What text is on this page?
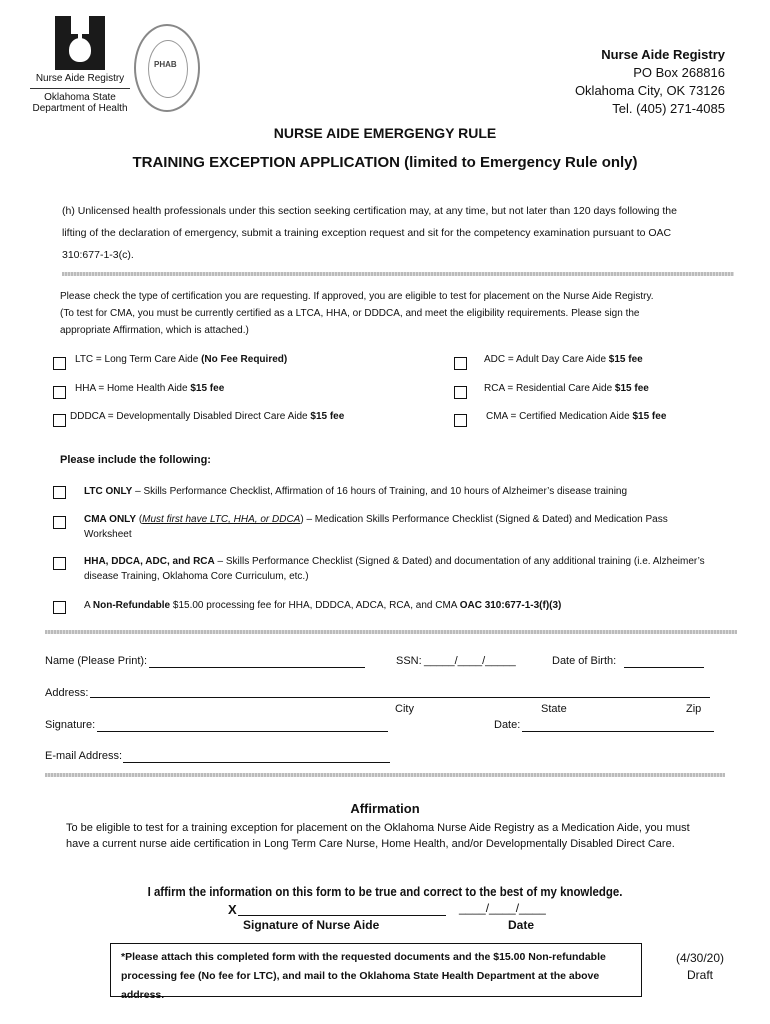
Nurse Aide Registry
Oklahoma State
Department of Health
PHAB
Nurse Aide Registry
PO Box 268816
Oklahoma City, OK 73126
Tel. (405) 271-4085
NURSE AIDE EMERGENGY RULE
TRAINING EXCEPTION APPLICATION (limited to Emergency Rule only)
(h) Unlicensed health professionals under this section seeking certification may, at any time, but not later than 120 days following the
lifting of the declaration of emergency, submit a training exception request and sit for the competency examination pursuant to OAC
310:677-1-3(c).
Please check the type of certification you are requesting. If approved, you are eligible to test for placement on the Nurse Aide Registry.
(To test for CMA, you must be currently certified as a LTCA, HHA, or DDDCA, and meet the eligibility requirements. Please sign the
appropriate Affirmation, which is attached.)
LTC = Long Term Care Aide (No Fee Required)	ADC = Adult Day Care Aide $15 fee
HHA = Home Health Aide $15 fee	RCA = Residential Care Aide $15 fee
DDDCA = Developmentally Disabled Direct Care Aide $15 fee	CMA = Certified Medication Aide $15 fee
Please include the following:
LTC ONLY – Skills Performance Checklist, Affirmation of 16 hours of Training, and 10 hours of Alzheimer’s disease training
CMA ONLY (Must first have LTC, HHA, or DDCA) – Medication Skills Performance Checklist (Signed & Dated) and Medication Pass
Worksheet
HHA, DDCA, ADC, and RCA – Skills Performance Checklist (Signed & Dated) and documentation of any additional training (i.e. Alzheimer’s
disease Training, Oklahoma Core Curriculum, etc.)
A Non-Refundable $15.00 processing fee for HHA, DDDCA, ADCA, RCA, and CMA OAC 310:677-1-3(f)(3)
Name (Please Print):	SSN: _____/____/_____	Date of Birth:
Address:
City	State	Zip
Signature:	Date:
E-mail Address:
Affirmation
To be eligible to test for a training exception for placement on the Oklahoma Nurse Aide Registry as a Medication Aide, you must have a current nurse aide certification in Long Term Care Nurse, Home Health, and/or Developmentally Disabled Direct Care.
I affirm the information on this form to be true and correct to the best of my knowledge.
X	____/____/____
Signature of Nurse Aide	Date
*Please attach this completed form with the requested documents and the $15.00 Non-refundable processing fee (No fee for LTC), and mail to the Oklahoma State Health Department at the above address.
(4/30/20)
Draft
